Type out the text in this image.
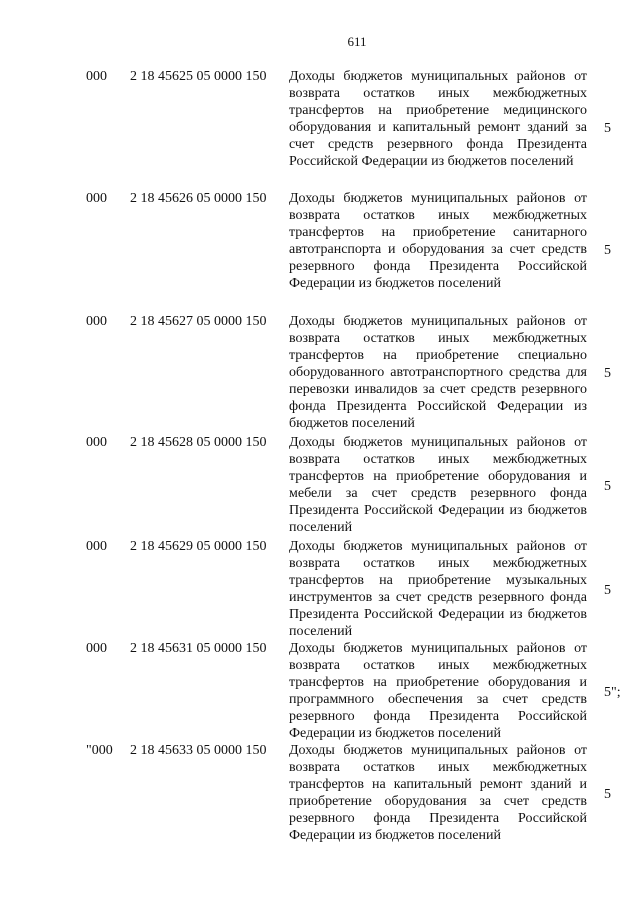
611
000 2 18 45625 05 0000 150 Доходы бюджетов муниципальных районов от возврата остатков иных межбюджетных трансфертов на приобретение медицинского оборудования и капитальный ремонт зданий за счет средств резервного фонда Президента Российской Федерации из бюджетов поселений
5
000 2 18 45626 05 0000 150 Доходы бюджетов муниципальных районов от возврата остатков иных межбюджетных трансфертов на приобретение санитарного автотранспорта и оборудования за счет средств резервного фонда Президента Российской Федерации из бюджетов поселений
5
000 2 18 45627 05 0000 150 Доходы бюджетов муниципальных районов от возврата остатков иных межбюджетных трансфертов на приобретение специально оборудованного автотранспортного средства для перевозки инвалидов за счет средств резервного фонда Президента Российской Федерации из бюджетов поселений
5
000 2 18 45628 05 0000 150 Доходы бюджетов муниципальных районов от возврата остатков иных межбюджетных трансфертов на приобретение оборудования и мебели за счет средств резервного фонда Президента Российской Федерации из бюджетов поселений
5
000 2 18 45629 05 0000 150 Доходы бюджетов муниципальных районов от возврата остатков иных межбюджетных трансфертов на приобретение музыкальных инструментов за счет средств резервного фонда Президента Российской Федерации из бюджетов поселений
5
000 2 18 45631 05 0000 150 Доходы бюджетов муниципальных районов от возврата остатков иных межбюджетных трансфертов на приобретение оборудования и программного обеспечения за счет средств резервного фонда Президента Российской Федерации из бюджетов поселений
5";
"000 2 18 45633 05 0000 150 Доходы бюджетов муниципальных районов от возврата остатков иных межбюджетных трансфертов на капитальный ремонт зданий и приобретение оборудования за счет средств резервного фонда Президента Российской Федерации из бюджетов поселений
5
